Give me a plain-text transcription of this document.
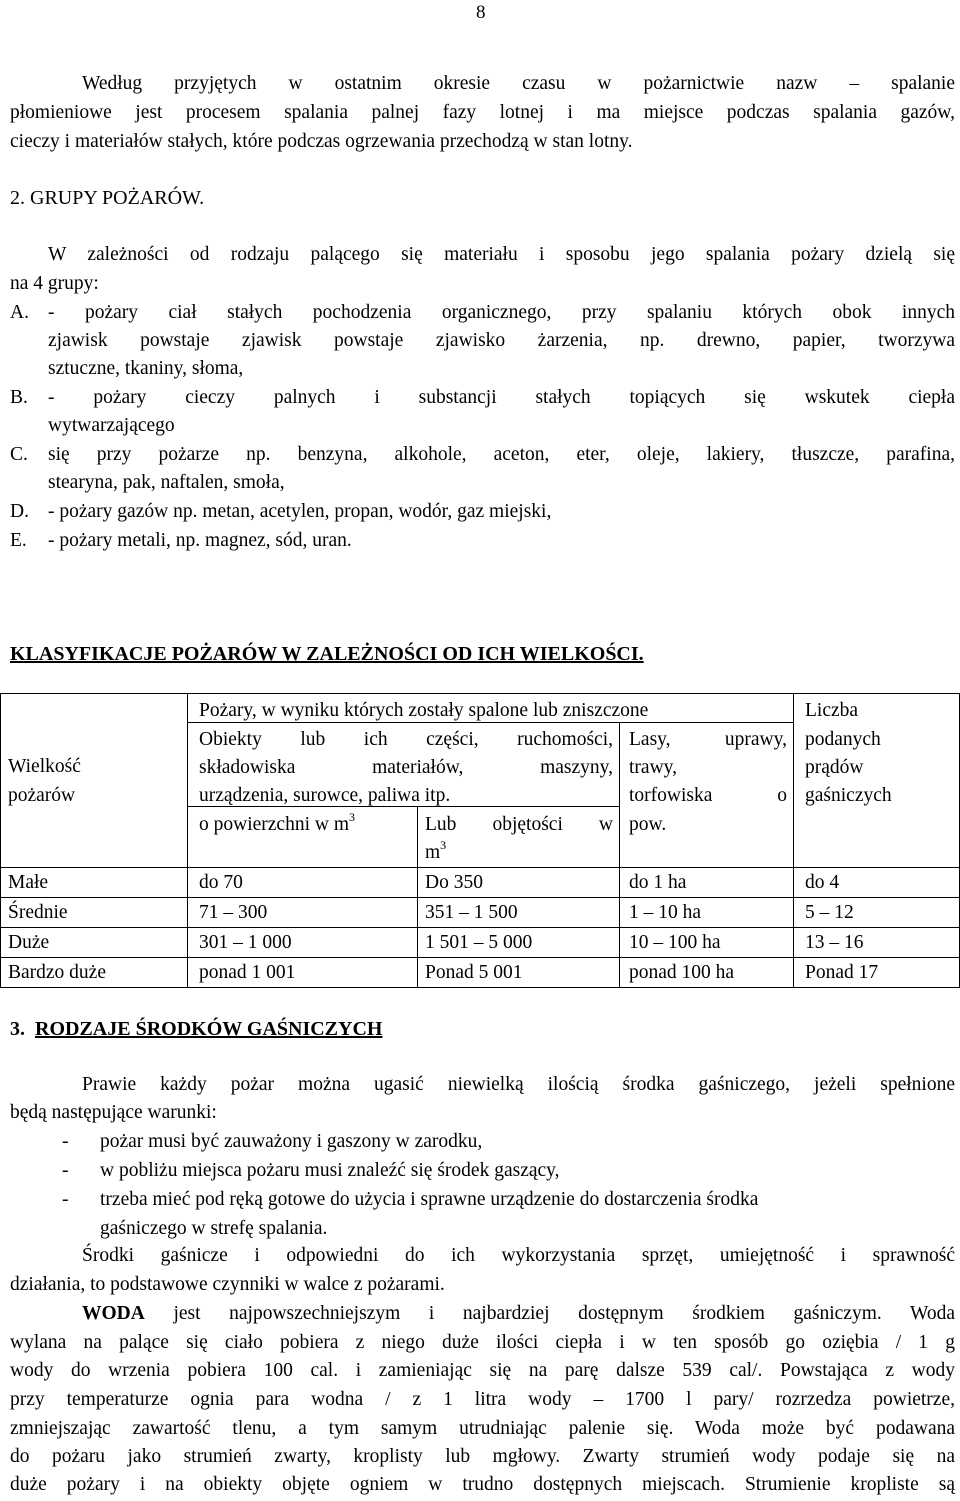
8
Według przyjętych w ostatnim okresie czasu w pożarnictwie nazw – spalanie
płomieniowe jest procesem spalania palnej fazy lotnej i ma miejsce podczas spalania gazów,
cieczy i materiałów stałych, które podczas ogrzewania przechodzą w stan lotny.
2. GRUPY POŻARÓW.
W zależności od rodzaju palącego się materiału i sposobu jego spalania pożary dzielą się
na 4 grupy:
A. - pożary ciał stałych pochodzenia organicznego, przy spalaniu których obok innych
zjawisk powstaje zjawisk powstaje zjawisko żarzenia, np. drewno, papier, tworzywa
sztuczne, tkaniny, słoma,
B. - pożary cieczy palnych i substancji stałych topiących się wskutek ciepła
wytwarzającego
C. się przy pożarze np. benzyna, alkohole, aceton, eter, oleje, lakiery, tłuszcze, parafina,
stearyna, pak, naftalen, smoła,
D. - pożary gazów np. metan, acetylen, propan, wodór, gaz miejski,
E. - pożary metali, np. magnez, sód, uran.
KLASYFIKACJE POŻARÓW W ZALEŻNOŚCI OD ICH WIELKOŚCI.
Wielkość
pożarów
Pożary, w wyniku których zostały spalone lub zniszczone
Obiekty lub ich części, ruchomości,
składowiska materiałów, maszyny,
urządzenia, surowce, paliwa itp.
o powierzchni w $m^3$	Lub objętości w
$m^3$
Lasy, uprawy,
trawy,
torfowiska o
pow.
Liczba
podanych
prądów
gaśniczych
Małe	do 70	Do 350	do 1 ha	do 4
Średnie	71 – 300	351 – 1 500	1 – 10 ha	5 – 12
Duże	301 – 1 000	1 501 – 5 000	10 – 100 ha	13 – 16
Bardzo duże	ponad 1 001	Ponad 5 001	ponad 100 ha	Ponad 17
3. RODZAJE ŚRODKÓW GAŚNICZYCH
Prawie każdy pożar można ugasić niewielką ilością środka gaśniczego, jeżeli spełnione
będą następujące warunki:
- pożar musi być zauważony i gaszony w zarodku,
- w pobliżu miejsca pożaru musi znaleźć się środek gaszący,
- trzeba mieć pod ręką gotowe do użycia i sprawne urządzenie do dostarczenia środka
gaśniczego w strefę spalania.
Środki gaśnicze i odpowiedni do ich wykorzystania sprzęt, umiejętność i sprawność
działania, to podstawowe czynniki w walce z pożarami.
WODA jest najpowszechniejszym i najbardziej dostępnym środkiem gaśniczym. Woda
wylana na palące się ciało pobiera z niego duże ilości ciepła i w ten sposób go oziębia / 1 g
wody do wrzenia pobiera 100 cal. i zamieniając się na parę dalsze 539 cal/. Powstająca z wody
przy temperaturze ognia para wodna / z 1 litra wody – 1700 l pary/ rozrzedza powietrze,
zmniejszając zawartość tlenu, a tym samym utrudniając palenie się. Woda może być podawana
do pożaru jako strumień zwarty, kroplisty lub mgłowy. Zwarty strumień wody podaje się na
duże pożary i na obiekty objęte ogniem w trudno dostępnych miejscach. Strumienie kropliste są
